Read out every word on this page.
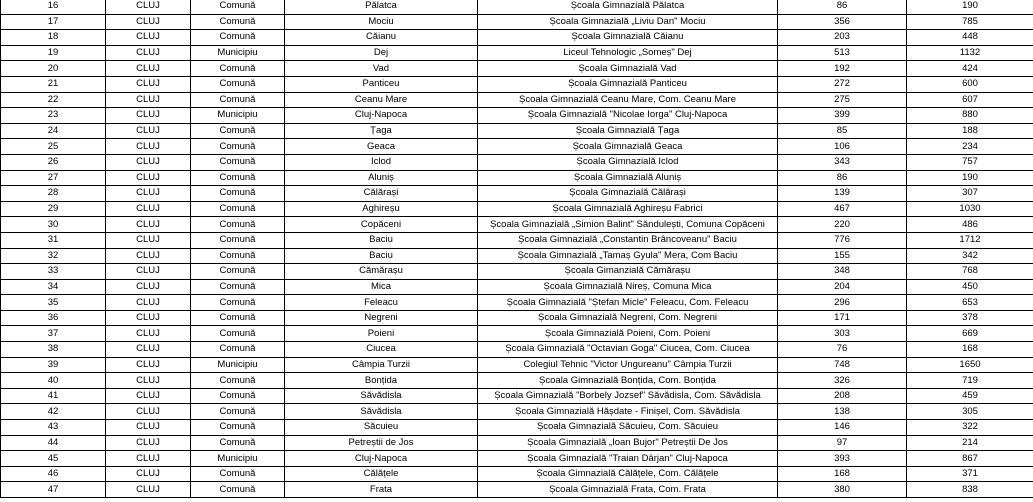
16	CLUJ	Comună	Pălatca	Școala Gimnazială Pălatca	86	190
17	CLUJ	Comună	Mociu	Școala Gimnazială „Liviu Dan" Mociu	356	785
18	CLUJ	Comună	Căianu	Școala Gimnazială Căianu	203	448
19	CLUJ	Municipiu	Dej	Liceul Tehnologic „Someș" Dej	513	1132
20	CLUJ	Comună	Vad	Școala Gimnazială Vad	192	424
21	CLUJ	Comună	Panticeu	Școala Gimnazială Panticeu	272	600
22	CLUJ	Comună	Ceanu Mare	Școala Gimnazială Ceanu Mare, Com. Ceanu Mare	275	607
23	CLUJ	Municipiu	Cluj-Napoca	Școala Gimnazială "Nicolae Iorga" Cluj-Napoca	399	880
24	CLUJ	Comună	Țaga	Școala Gimnazială Țaga	85	188
25	CLUJ	Comună	Geaca	Școala Gimnazială Geaca	106	234
26	CLUJ	Comună	Iclod	Școala Gimnazială Iclod	343	757
27	CLUJ	Comună	Aluniș	Școala Gimnazială Aluniș	86	190
28	CLUJ	Comună	Călărași	Școala Gimnazială Călărași	139	307
29	CLUJ	Comună	Aghireșu	Școala Gimnazială Aghireșu Fabrici	467	1030
30	CLUJ	Comună	Copăceni	Școala Gimnazială „Simion Balint" Săndulești, Comuna Copăceni	220	486
31	CLUJ	Comună	Baciu	Școala Gimnazială „Constantin Brâncoveanu" Baciu	776	1712
32	CLUJ	Comună	Baciu	Școala Gimnazială „Tamaș Gyula" Mera, Com Baciu	155	342
33	CLUJ	Comună	Cămărașu	Școala Gimanzială Cămărașu	348	768
34	CLUJ	Comună	Mica	Școala Gimnazială Nireș, Comuna Mica	204	450
35	CLUJ	Comună	Feleacu	Școala Gimnazială "Ștefan Micle" Feleacu, Com. Feleacu	296	653
36	CLUJ	Comună	Negreni	Școala Gimnazială Negreni, Com. Negreni	171	378
37	CLUJ	Comună	Poieni	Școala Gimnazială Poieni, Com. Poieni	303	669
38	CLUJ	Comună	Ciucea	Școala Gimnazială "Octavian Goga" Ciucea, Com. Ciucea	76	168
39	CLUJ	Municipiu	Câmpia Turzii	Colegiul Tehnic "Victor Ungureanu" Câmpia Turzii	748	1650
40	CLUJ	Comună	Bonțida	Școala Gimnazială Bonțida, Com. Bonțida	326	719
41	CLUJ	Comună	Săvădisla	Școala Gimnazială "Borbely Jozsef" Săvădisla, Com. Săvădisla	208	459
42	CLUJ	Comună	Săvădisla	Școala Gimnazială Hășdate - Finișel, Com. Săvădisla	138	305
43	CLUJ	Comună	Săcuieu	Școala Gimnazială Săcuieu, Com. Săcuieu	146	322
44	CLUJ	Comună	Petreștii de Jos	Școala Gimnazială „Ioan Bujor" Petreștii De Jos	97	214
45	CLUJ	Municipiu	Cluj-Napoca	Școala Gimnazială "Traian Dârjan" Cluj-Napoca	393	867
46	CLUJ	Comună	Călățele	Școala Gimnazială Călățele, Com. Călățele	168	371
47	CLUJ	Comună	Frata	Școala Gimnazială Frata, Com. Frata	380	838
